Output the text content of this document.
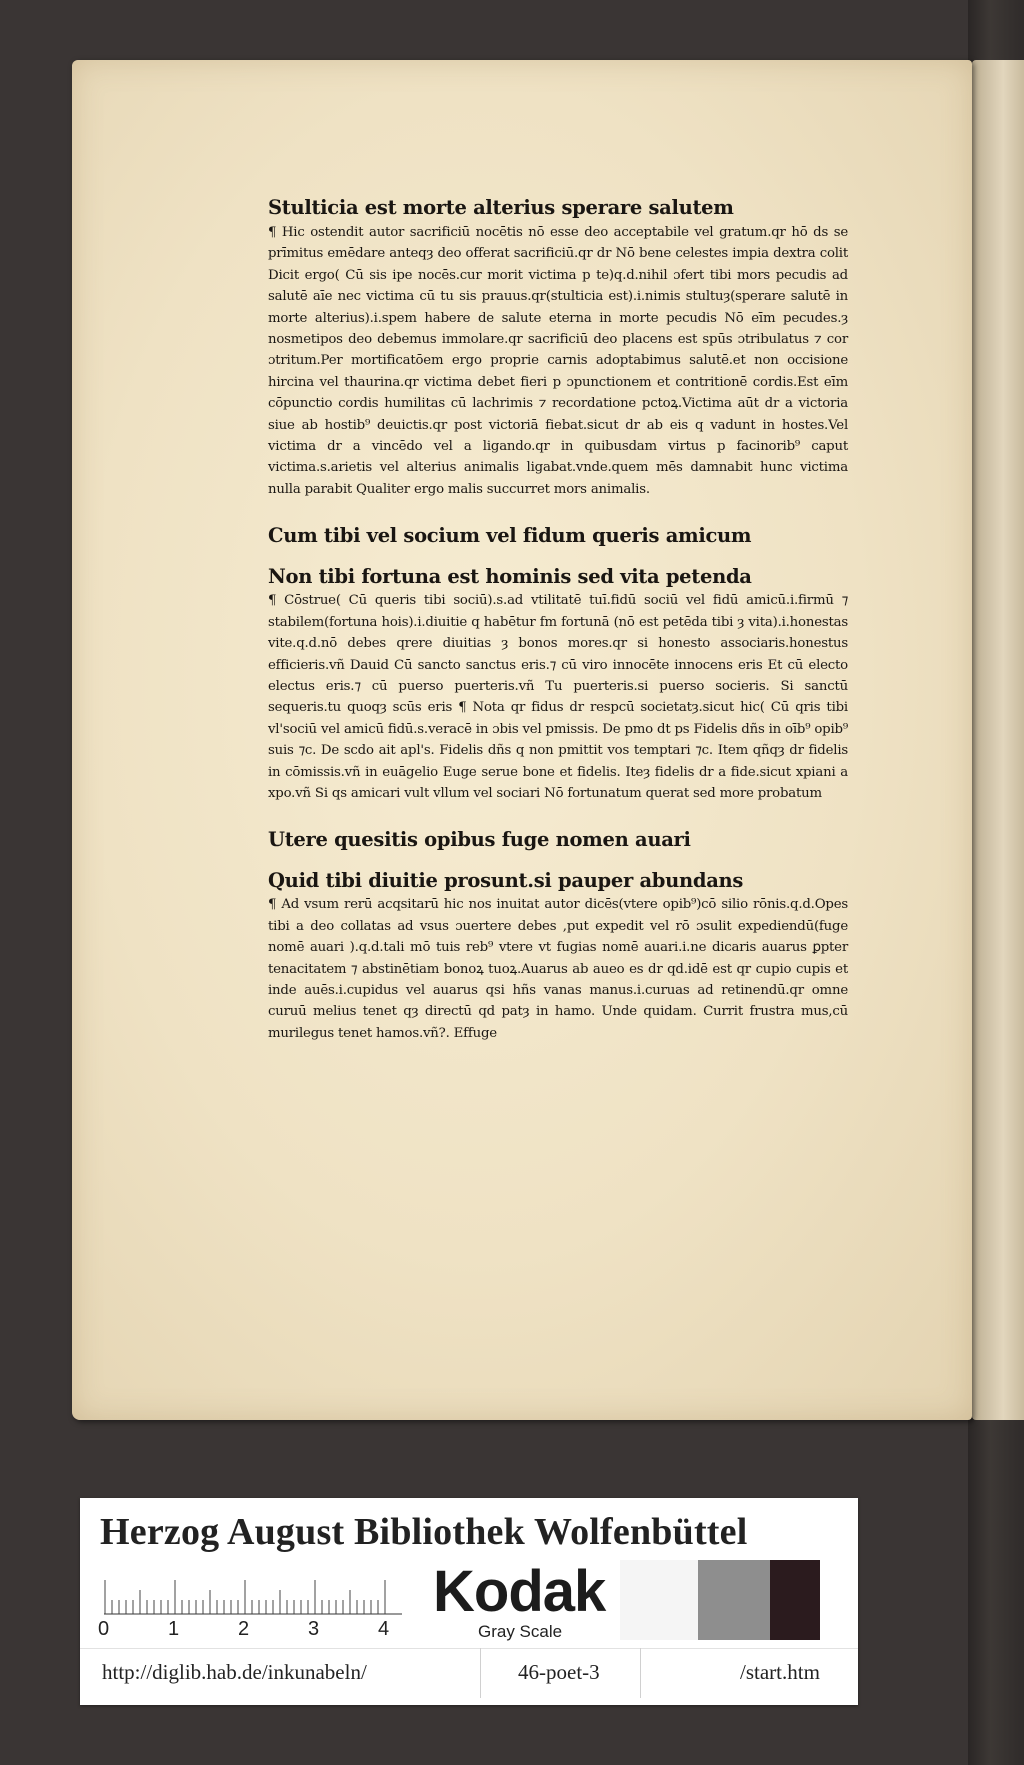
Stulticia est morte alterius sperare salutem

¶ Hic ostendit autor sacrificiū nocētis nō esse deo acceptabile vel gratum.qr hō ds se prīmitus emēdare anteqȝ deo offerat sacrificiū.qr dr Nō bene celestes impia dextra colit Dicit ergo( Cū sis ipe nocēs.cur morit victima p te)q.d.nihil ɔfert tibi mors pecudis ad salutē aīe nec victima cū tu sis prauus.qr(stulticia est).i.nimis stultuȝ(sperare salutē in morte alterius).i.spem habere de salute eterna in morte pecudis Nō eīm pecudes.ȝ nosmetipos deo debemus immolare.qr sacrificiū deo placens est spūs ɔtribulatus ⁊ cor ɔtritum.Per mortificatōem ergo proprie carnis adoptabimus salutē.et non occisione hircina vel thaurina.qr victima debet fieri p ɔpunctionem et contritionē cordis.Est eīm cōpunctio cordis humilitas cū lachrimis ⁊ recordatione pctoꝝ.Victima aūt dr a victoria siue ab hostib⁹ deuictis.qr post victoriā fiebat.sicut dr ab eis q vadunt in hostes.Vel victima dr a vincēdo vel a ligando.qr in quibusdam virtus p facinorib⁹ caput victima.s.arietis vel alterius animalis ligabat.vnde.quem mēs damnabit hunc victima nulla parabit Qualiter ergo malis succurret mors animalis.

Cum tibi vel socium vel fidum queris amicum
Non tibi fortuna est hominis sed vita petenda

¶ Cōstrue( Cū queris tibi sociū).s.ad vtilitatē tuī.fidū sociū vel fidū amicū.i.firmū ⁊ stabilem(fortuna hois).i.diuitie q habētur fm fortunā (nō est petēda tibi ȝ vita).i.honestas vite.q.d.nō debes qrere diuitias ȝ bonos mores.qr si honesto associaris.honestus efficieris.vñ Dauid Cū sancto sanctus eris.⁊ cū viro innocēte innocens eris Et cū electo electus eris.⁊ cū puerso puerteris.vñ Tu puerteris.si puerso socieris. Si sanctū sequeris.tu quoqȝ scūs eris ¶ Nota qr fidus dr respcū societatȝ.sicut hic( Cū qris tibi vl'sociū vel amicū fidū.s.veracē in ɔbis vel pmissis. De pmo dt ps Fidelis dñs in oīb⁹ opib⁹ suis ⁊c. De scdo ait apl's. Fidelis dñs q non pmittit vos temptari ⁊c. Item qñqȝ dr fidelis in cōmissis.vñ in euāgelio Euge serue bone et fidelis. Iteȝ fidelis dr a fide.sicut xpiani a xpo.vñ Si qs amicari vult vllum vel sociari Nō fortunatum querat sed more probatum

Utere quesitis opibus fuge nomen auari
Quid tibi diuitie prosunt.si pauper abundans

¶ Ad vsum rerū acqsitarū hic nos inuitat autor dicēs(vtere opib⁹)cō silio rōnis.q.d.Opes tibi a deo collatas ad vsus ɔuertere debes ,put expedit vel rō ɔsulit expediendū(fuge nomē auari ).q.d.tali mō tuis reb⁹ vtere vt fugias nomē auari.i.ne dicaris auarus ꝑpter tenacitatem ⁊ abstinētiam bonoꝝ tuoꝝ.Auarus ab aueo es dr qd.idē est qr cupio cupis et inde auēs.i.cupidus vel auarus qsi hñs vanas manus.i.curuas ad retinendū.qr omne curuū melius tenet qȝ directū qd patȝ in hamo. Unde quidam. Currit frustra mus,cū murilegus tenet hamos.vñ?. Effuge

Herzog August Bibliothek Wolfenbüttel
0	1	2	3	4
Kodak
Gray Scale
http://diglib.hab.de/inkunabeln/	46-poet-3	/start.htm
